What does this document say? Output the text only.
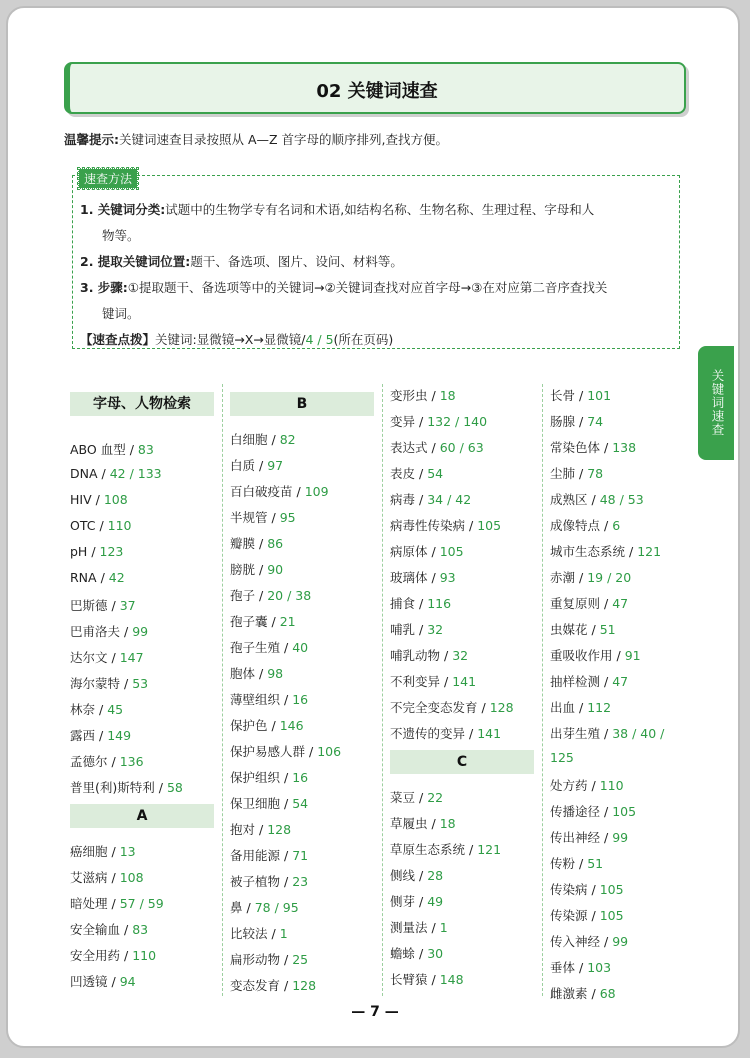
02 关键词速查
温馨提示:关键词速查目录按照从 A—Z 首字母的顺序排列,查找方便。
速查方法
1. 关键词分类:试题中的生物学专有名词和术语,如结构名称、生物名称、生理过程、字母和人
物等。
2. 提取关键词位置:题干、备选项、图片、设问、材料等。
3. 步骤:①提取题干、备选项等中的关键词→②关键词查找对应首字母→③在对应第二音序查找关
键词。
【速查点拨】关键词:显微镜→X→显微镜/4 / 5(所在页码)
关键词速查
字母、人物检索
ABO 血型 / 83
DNA / 42 / 133
HIV / 108
OTC / 110
pH / 123
RNA / 42
巴斯德 / 37
巴甫洛夫 / 99
达尔文 / 147
海尔蒙特 / 53
林奈 / 45
露西 / 149
孟德尔 / 136
普里(利)斯特利 / 58
A
癌细胞 / 13
艾滋病 / 108
暗处理 / 57 / 59
安全输血 / 83
安全用药 / 110
凹透镜 / 94
B
白细胞 / 82
白质 / 97
百白破疫苗 / 109
半规管 / 95
瓣膜 / 86
膀胱 / 90
孢子 / 20 / 38
孢子囊 / 21
孢子生殖 / 40
胞体 / 98
薄壁组织 / 16
保护色 / 146
保护易感人群 / 106
保护组织 / 16
保卫细胞 / 54
抱对 / 128
备用能源 / 71
被子植物 / 23
鼻 / 78 / 95
比较法 / 1
扁形动物 / 25
变态发育 / 128
变形虫 / 18
变异 / 132 / 140
表达式 / 60 / 63
表皮 / 54
病毒 / 34 / 42
病毒性传染病 / 105
病原体 / 105
玻璃体 / 93
捕食 / 116
哺乳 / 32
哺乳动物 / 32
不利变异 / 141
不完全变态发育 / 128
不遗传的变异 / 141
C
菜豆 / 22
草履虫 / 18
草原生态系统 / 121
侧线 / 28
侧芽 / 49
测量法 / 1
蟾蜍 / 30
长臂猿 / 148
长骨 / 101
肠腺 / 74
常染色体 / 138
尘肺 / 78
成熟区 / 48 / 53
成像特点 / 6
城市生态系统 / 121
赤潮 / 19 / 20
重复原则 / 47
虫媒花 / 51
重吸收作用 / 91
抽样检测 / 47
出血 / 112
出芽生殖 / 38 / 40 /
125
处方药 / 110
传播途径 / 105
传出神经 / 99
传粉 / 51
传染病 / 105
传染源 / 105
传入神经 / 99
垂体 / 103
雌激素 / 68
— 7 —
